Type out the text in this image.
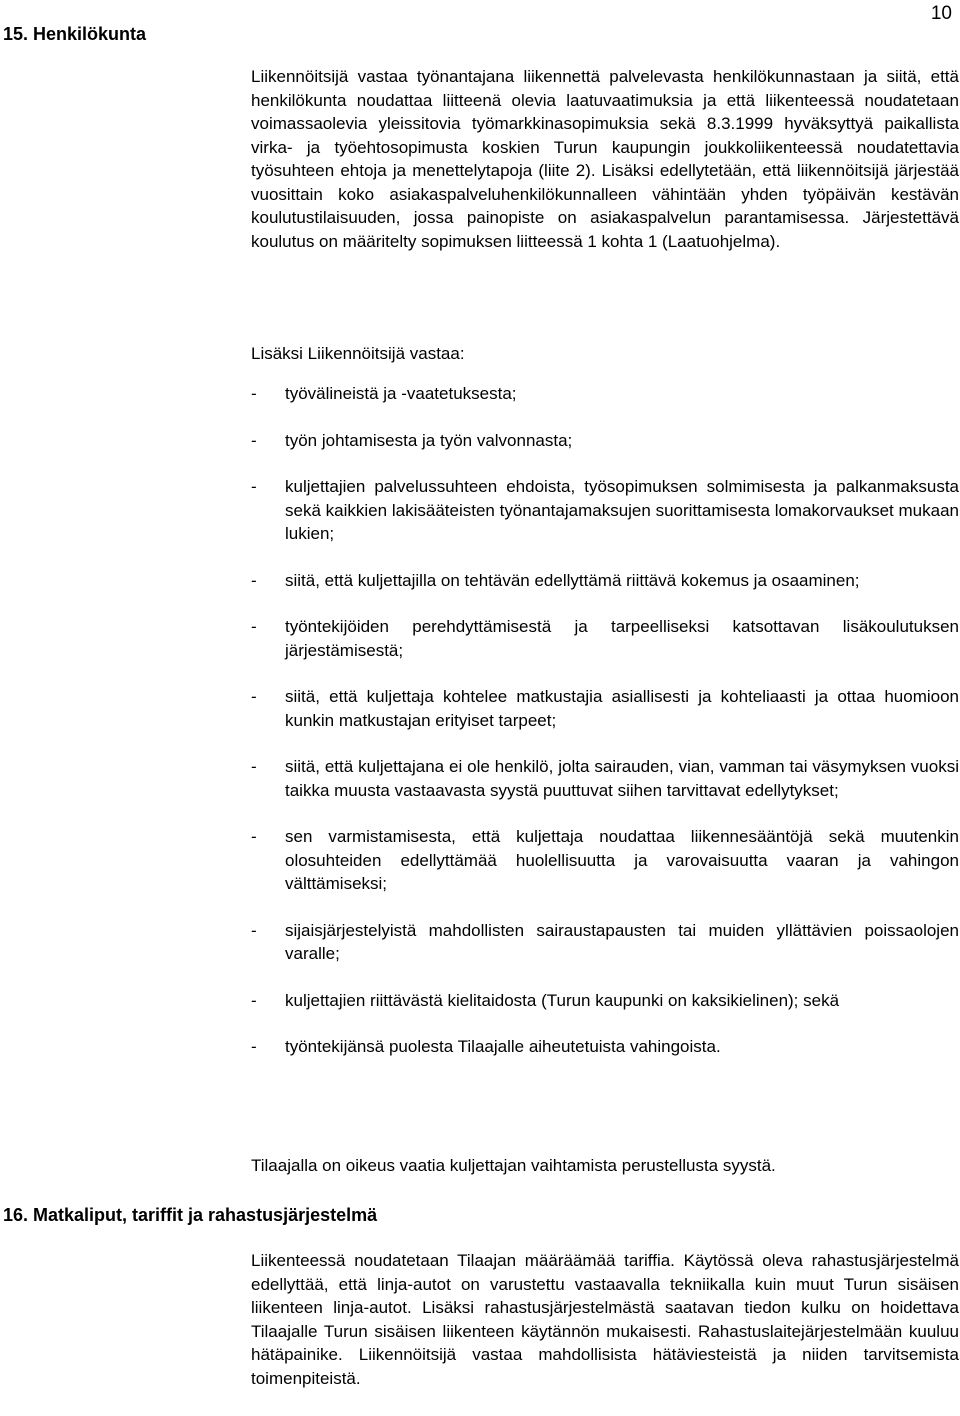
10
15. Henkilökunta

Liikennöitsijä vastaa työnantajana liikennettä palvelevasta henkilökunnastaan ja siitä, että henkilökunta noudattaa liitteenä olevia laatuvaatimuksia ja että liikenteessä noudatetaan voimassaolevia yleissitovia työmarkkinasopimuksia sekä 8.3.1999 hyväksyttyä paikallista virka- ja työehtosopimusta koskien Turun kaupungin joukkoliikenteessä noudatettavia työsuhteen ehtoja ja menettelytapoja (liite 2). Lisäksi edellytetään, että liikennöitsijä järjestää vuosittain koko asiakaspalveluhenkilökunnalleen vähintään yhden työpäivän kestävän koulutustilaisuuden, jossa painopiste on asiakaspalvelun parantamisessa. Järjestettävä koulutus on määritelty sopimuksen liitteessä 1 kohta 1 (Laatuohjelma).

Lisäksi Liikennöitsijä vastaa:

- työvälineistä ja -vaatetuksesta;
- työn johtamisesta ja työn valvonnasta;
- kuljettajien palvelussuhteen ehdoista, työsopimuksen solmimisesta ja palkanmaksusta sekä kaikkien lakisääteisten työnantajamaksujen suorittamisesta lomakorvaukset mukaan lukien;
- siitä, että kuljettajilla on tehtävän edellyttämä riittävä kokemus ja osaaminen;
- työntekijöiden perehdyttämisestä ja tarpeelliseksi katsottavan lisäkoulutuksen järjestämisestä;
- siitä, että kuljettaja kohtelee matkustajia asiallisesti ja kohteliaasti ja ottaa huomioon kunkin matkustajan erityiset tarpeet;
- siitä, että kuljettajana ei ole henkilö, jolta sairauden, vian, vamman tai väsymyksen vuoksi taikka muusta vastaavasta syystä puuttuvat siihen tarvittavat edellytykset;
- sen varmistamisesta, että kuljettaja noudattaa liikennesääntöjä sekä muutenkin olosuhteiden edellyttämää huolellisuutta ja varovaisuutta vaaran ja vahingon välttämiseksi;
- sijaisjärjestelyistä mahdollisten sairaustapausten tai muiden yllättävien poissaolojen varalle;
- kuljettajien riittävästä kielitaidosta (Turun kaupunki on kaksikielinen); sekä
- työntekijänsä puolesta Tilaajalle aiheutetuista vahingoista.

Tilaajalla on oikeus vaatia kuljettajan vaihtamista perustellusta syystä.

16. Matkaliput, tariffit ja rahastusjärjestelmä

Liikenteessä noudatetaan Tilaajan määräämää tariffia. Käytössä oleva rahastusjärjestelmä edellyttää, että linja-autot on varustettu vastaavalla tekniikalla kuin muut Turun sisäisen liikenteen linja-autot. Lisäksi rahastusjärjestelmästä saatavan tiedon kulku on hoidettava Tilaajalle Turun sisäisen liikenteen käytännön mukaisesti. Rahastuslaitejärjestelmään kuuluu hätäpainike. Liikennöitsijä vastaa mahdollisista hätäviesteistä ja niiden tarvitsemista toimenpiteistä.
